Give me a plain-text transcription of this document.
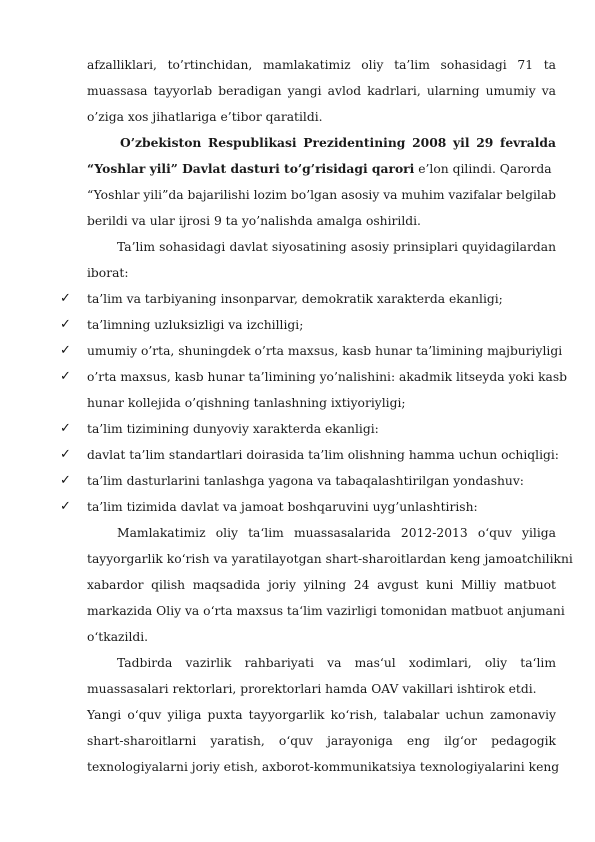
afzalliklari, to’rtinchidan, mamlakatimiz oliy ta’lim sohasidagi 71 ta
muassasa tayyorlab beradigan yangi avlod kadrlari, ularning umumiy va
o’ziga xos jihatlariga e’tibor qaratildi.
O’zbekiston Respublikasi Prezidentining 2008 yil 29 fevralda
“Yoshlar yili” Davlat dasturi to’g’risidagi qarori e’lon qilindi. Qarorda
“Yoshlar yili”da bajarilishi lozim bo’lgan asosiy va muhim vazifalar belgilab
berildi va ular ijrosi 9 ta yo’nalishda amalga oshirildi.
Ta’lim sohasidagi davlat siyosatining asosiy prinsiplari quyidagilardan
iborat:
✓ ta’lim va tarbiyaning insonparvar, demokratik xarakterda ekanligi;
✓ ta’limning uzluksizligi va izchilligi;
✓ umumiy o’rta, shuningdek o’rta maxsus, kasb hunar ta’limining majburiyligi
✓ o’rta maxsus, kasb hunar ta’limining yo’nalishini: akadmik litseyda yoki kasb
hunar kollejida o’qishning tanlashning ixtiyoriyligi;
✓ ta’lim tizimining dunyoviy xarakterda ekanligi:
✓ davlat ta’lim standartlari doirasida ta’lim olishning hamma uchun ochiqligi:
✓ ta’lim dasturlarini tanlashga yagona va tabaqalashtirilgan yondashuv:
✓ ta’lim tizimida davlat va jamoat boshqaruvini uyg’unlashtirish:
Mamlakatimiz oliy ta‘lim muassasalarida 2012-2013 o‘quv yiliga
tayyorgarlik ko‘rish va yaratilayotgan shart-sharoitlardan keng jamoatchilikni
xabardor qilish maqsadida joriy yilning 24 avgust kuni Milliy matbuot
markazida Oliy va o‘rta maxsus ta‘lim vazirligi tomonidan matbuot anjumani
o‘tkazildi.
Tadbirda vazirlik rahbariyati va mas‘ul xodimlari, oliy ta‘lim
muassasalari rektorlari, prorektorlari hamda OAV vakillari ishtirok etdi.
Yangi o‘quv yiliga puxta tayyorgarlik ko‘rish, talabalar uchun zamonaviy
shart-sharoitlarni yaratish, o‘quv jarayoniga eng ilg‘or pedagogik
texnologiyalarni joriy etish, axborot-kommunikatsiya texnologiyalarini keng
